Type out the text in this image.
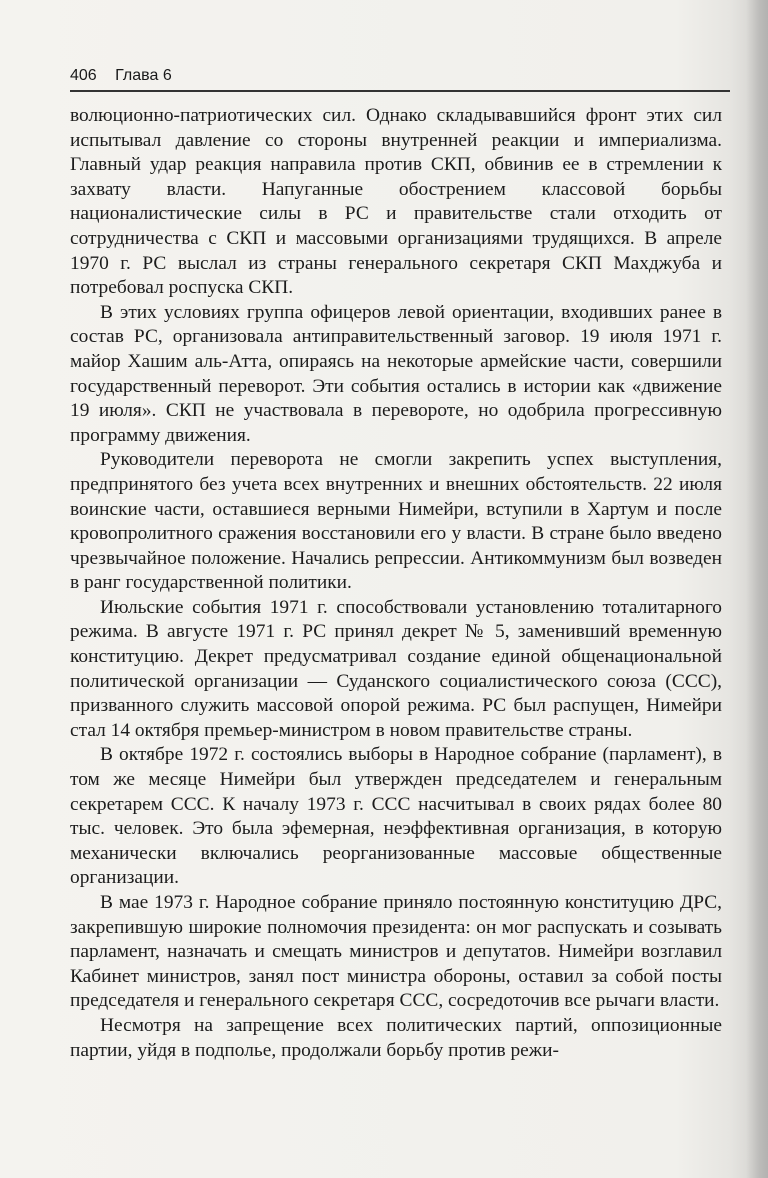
406 Глава 6

волюционно-патриотических сил. Однако складывавшийся фронт этих сил испытывал давление со стороны внутренней реакции и империализма. Главный удар реакция направила против СКП, обвинив ее в стремлении к захвату власти. Напуганные обострением классовой борьбы националистические силы в РС и правительстве стали отходить от сотрудничества с СКП и массовыми организациями трудящихся. В апреле 1970 г. РС выслал из страны генерального секретаря СКП Махджуба и потребовал роспуска СКП.

В этих условиях группа офицеров левой ориентации, входивших ранее в состав РС, организовала антиправительственный заговор. 19 июля 1971 г. майор Хашим аль-Атта, опираясь на некоторые армейские части, совершили государственный переворот. Эти события остались в истории как «движение 19 июля». СКП не участвовала в перевороте, но одобрила прогрессивную программу движения.

Руководители переворота не смогли закрепить успех выступления, предпринятого без учета всех внутренних и внешних обстоятельств. 22 июля воинские части, оставшиеся верными Нимейри, вступили в Хартум и после кровопролитного сражения восстановили его у власти. В стране было введено чрезвычайное положение. Начались репрессии. Антикоммунизм был возведен в ранг государственной политики.

Июльские события 1971 г. способствовали установлению тоталитарного режима. В августе 1971 г. РС принял декрет № 5, заменивший временную конституцию. Декрет предусматривал создание единой общенациональной политической организации — Суданского социалистического союза (ССС), призванного служить массовой опорой режима. РС был распущен, Нимейри стал 14 октября премьер-министром в новом правительстве страны.

В октябре 1972 г. состоялись выборы в Народное собрание (парламент), в том же месяце Нимейри был утвержден председателем и генеральным секретарем ССС. К началу 1973 г. ССС насчитывал в своих рядах более 80 тыс. человек. Это была эфемерная, неэффективная организация, в которую механически включались реорганизованные массовые общественные организации.

В мае 1973 г. Народное собрание приняло постоянную конституцию ДРС, закрепившую широкие полномочия президента: он мог распускать и созывать парламент, назначать и смещать министров и депутатов. Нимейри возглавил Кабинет министров, занял пост министра обороны, оставил за собой посты председателя и генерального секретаря ССС, сосредоточив все рычаги власти.

Несмотря на запрещение всех политических партий, оппозиционные партии, уйдя в подполье, продолжали борьбу против режи-
